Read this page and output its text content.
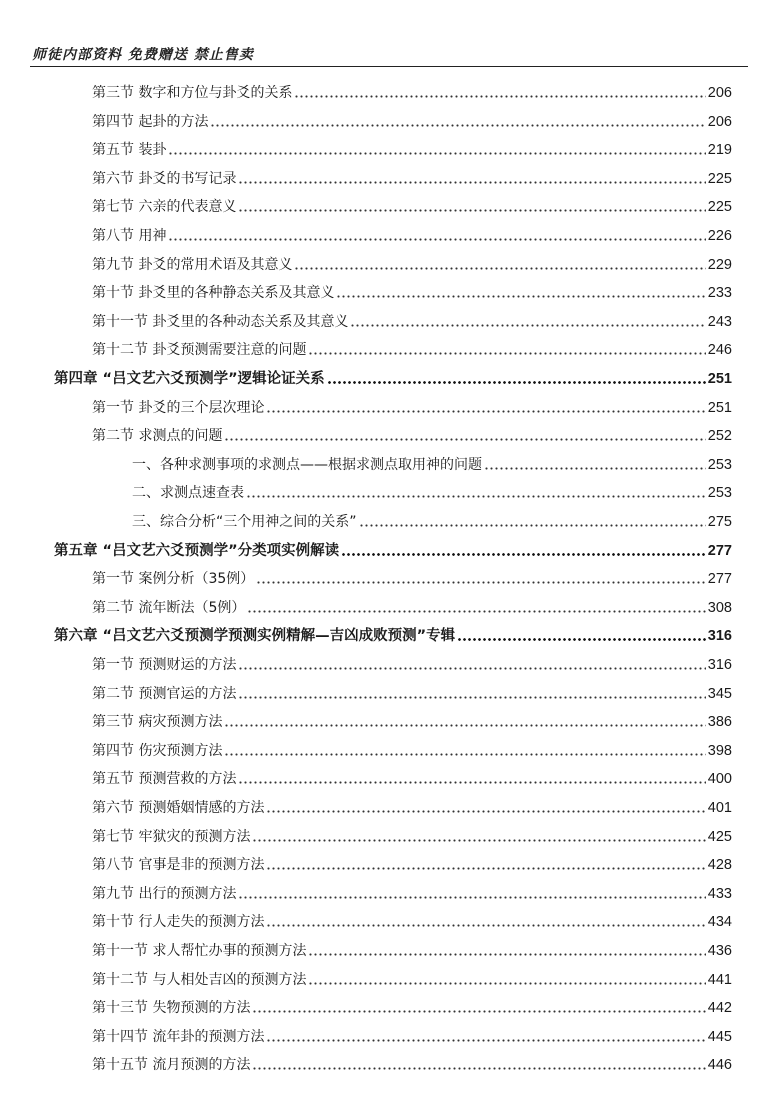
师徒内部资料 免费赠送 禁止售卖
第三节 数字和方位与卦爻的关系	206
第四节 起卦的方法	206
第五节 装卦	219
第六节 卦爻的书写记录	225
第七节 六亲的代表意义	225
第八节 用神	226
第九节 卦爻的常用术语及其意义	229
第十节 卦爻里的各种静态关系及其意义	233
第十一节 卦爻里的各种动态关系及其意义	243
第十二节 卦爻预测需要注意的问题	246
第四章 “吕文艺六爻预测学”逻辑论证关系	251
第一节 卦爻的三个层次理论	251
第二节 求测点的问题	252
一、各种求测事项的求测点——根据求测点取用神的问题	253
二、求测点速查表	253
三、综合分析“三个用神之间的关系”	275
第五章 “吕文艺六爻预测学”分类项实例解读	277
第一节 案例分析（35例）	277
第二节 流年断法（5例）	308
第六章 “吕文艺六爻预测学预测实例精解—吉凶成败预测”专辑	316
第一节 预测财运的方法	316
第二节 预测官运的方法	345
第三节 病灾预测方法	386
第四节 伤灾预测方法	398
第五节 预测营救的方法	400
第六节 预测婚姻情感的方法	401
第七节 牢狱灾的预测方法	425
第八节 官事是非的预测方法	428
第九节 出行的预测方法	433
第十节 行人走失的预测方法	434
第十一节 求人帮忙办事的预测方法	436
第十二节 与人相处吉凶的预测方法	441
第十三节 失物预测的方法	442
第十四节 流年卦的预测方法	445
第十五节 流月预测的方法	446
